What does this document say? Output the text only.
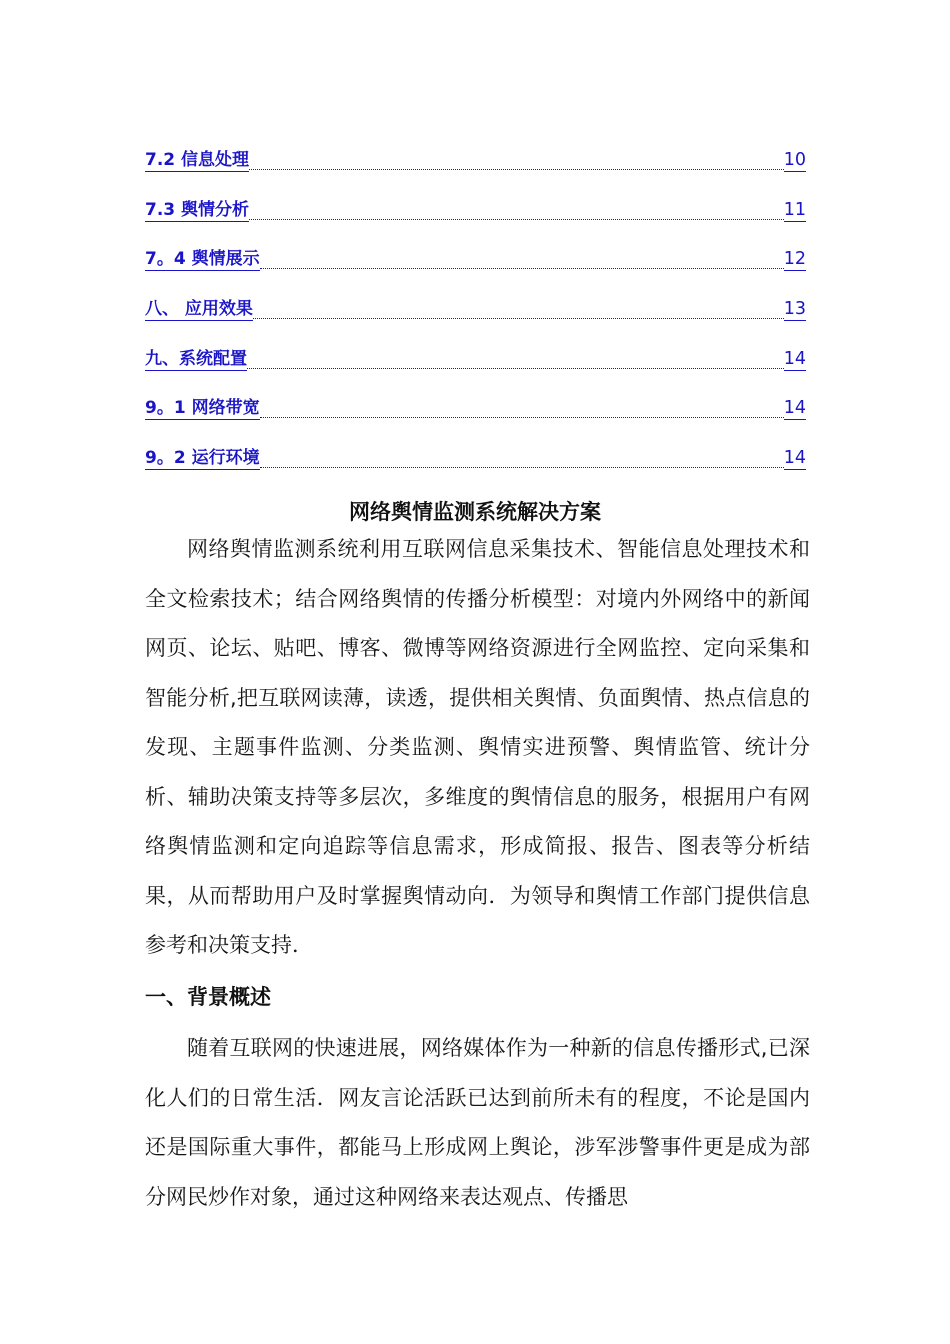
7.2 信息处理	10
7.3 舆情分析	11
7。4 舆情展示	12
八、 应用效果	13
九、系统配置	14
9。1 网络带宽	14
9。2 运行环境	14
网络舆情监测系统解决方案

网络舆情监测系统利用互联网信息采集技术、智能信息处理技术和全文检索技术；结合网络舆情的传播分析模型：对境内外网络中的新闻网页、论坛、贴吧、博客、微博等网络资源进行全网监控、定向采集和智能分析,把互联网读薄，读透，提供相关舆情、负面舆情、热点信息的发现、主题事件监测、分类监测、舆情实进预警、舆情监管、统计分析、辅助决策支持等多层次，多维度的舆情信息的服务，根据用户有网络舆情监测和定向追踪等信息需求，形成简报、报告、图表等分析结果，从而帮助用户及时掌握舆情动向．为领导和舆情工作部门提供信息参考和决策支持．

一、背景概述

随着互联网的快速进展，网络媒体作为一种新的信息传播形式,已深化人们的日常生活．网友言论活跃已达到前所未有的程度，不论是国内还是国际重大事件，都能马上形成网上舆论，涉军涉警事件更是成为部分网民炒作对象，通过这种网络来表达观点、传播思
